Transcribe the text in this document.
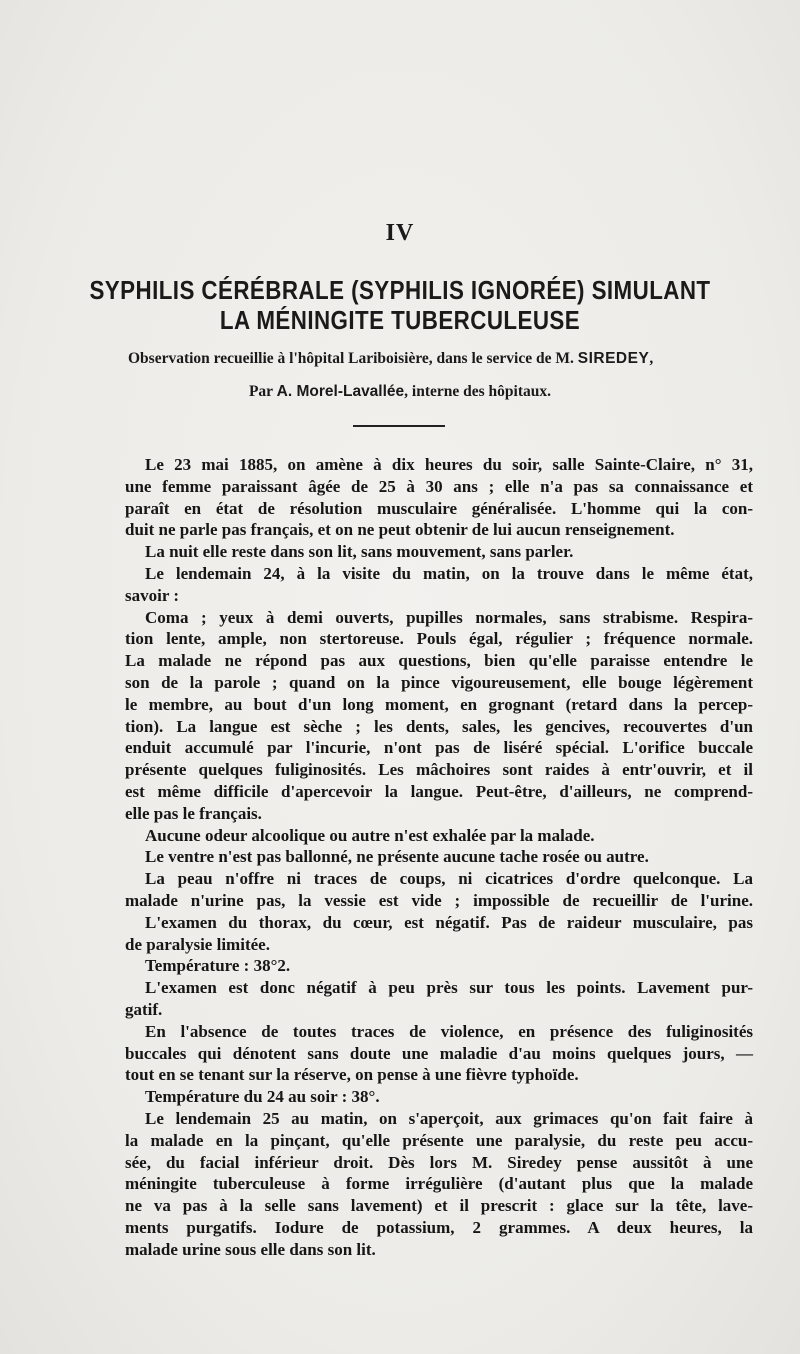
IV
SYPHILIS CÉRÉBRALE (SYPHILIS IGNORÉE) SIMULANT
LA MÉNINGITE TUBERCULEUSE
Observation recueillie à l'hôpital Lariboisière, dans le service de M. SIREDEY,
Par A. Morel-Lavallée, interne des hôpitaux.
Le 23 mai 1885, on amène à dix heures du soir, salle Sainte-Claire, n° 31,
une femme paraissant âgée de 25 à 30 ans ; elle n'a pas sa connaissance et
paraît en état de résolution musculaire généralisée. L'homme qui la con-
duit ne parle pas français, et on ne peut obtenir de lui aucun renseignement.
La nuit elle reste dans son lit, sans mouvement, sans parler.
Le lendemain 24, à la visite du matin, on la trouve dans le même état,
savoir :
Coma ; yeux à demi ouverts, pupilles normales, sans strabisme. Respira-
tion lente, ample, non stertoreuse. Pouls égal, régulier ; fréquence normale.
La malade ne répond pas aux questions, bien qu'elle paraisse entendre le
son de la parole ; quand on la pince vigoureusement, elle bouge légèrement
le membre, au bout d'un long moment, en grognant (retard dans la percep-
tion). La langue est sèche ; les dents, sales, les gencives, recouvertes d'un
enduit accumulé par l'incurie, n'ont pas de liséré spécial. L'orifice buccale
présente quelques fuliginosités. Les mâchoires sont raides à entr'ouvrir, et il
est même difficile d'apercevoir la langue. Peut-être, d'ailleurs, ne comprend-
elle pas le français.
Aucune odeur alcoolique ou autre n'est exhalée par la malade.
Le ventre n'est pas ballonné, ne présente aucune tache rosée ou autre.
La peau n'offre ni traces de coups, ni cicatrices d'ordre quelconque. La
malade n'urine pas, la vessie est vide ; impossible de recueillir de l'urine.
L'examen du thorax, du cœur, est négatif. Pas de raideur musculaire, pas
de paralysie limitée.
Température : 38°2.
L'examen est donc négatif à peu près sur tous les points. Lavement pur-
gatif.
En l'absence de toutes traces de violence, en présence des fuliginosités
buccales qui dénotent sans doute une maladie d'au moins quelques jours, —
tout en se tenant sur la réserve, on pense à une fièvre typhoïde.
Température du 24 au soir : 38°.
Le lendemain 25 au matin, on s'aperçoit, aux grimaces qu'on fait faire à
la malade en la pinçant, qu'elle présente une paralysie, du reste peu accu-
sée, du facial inférieur droit. Dès lors M. Siredey pense aussitôt à une
méningite tuberculeuse à forme irrégulière (d'autant plus que la malade
ne va pas à la selle sans lavement) et il prescrit : glace sur la tête, lave-
ments purgatifs. Iodure de potassium, 2 grammes. A deux heures, la
malade urine sous elle dans son lit.
